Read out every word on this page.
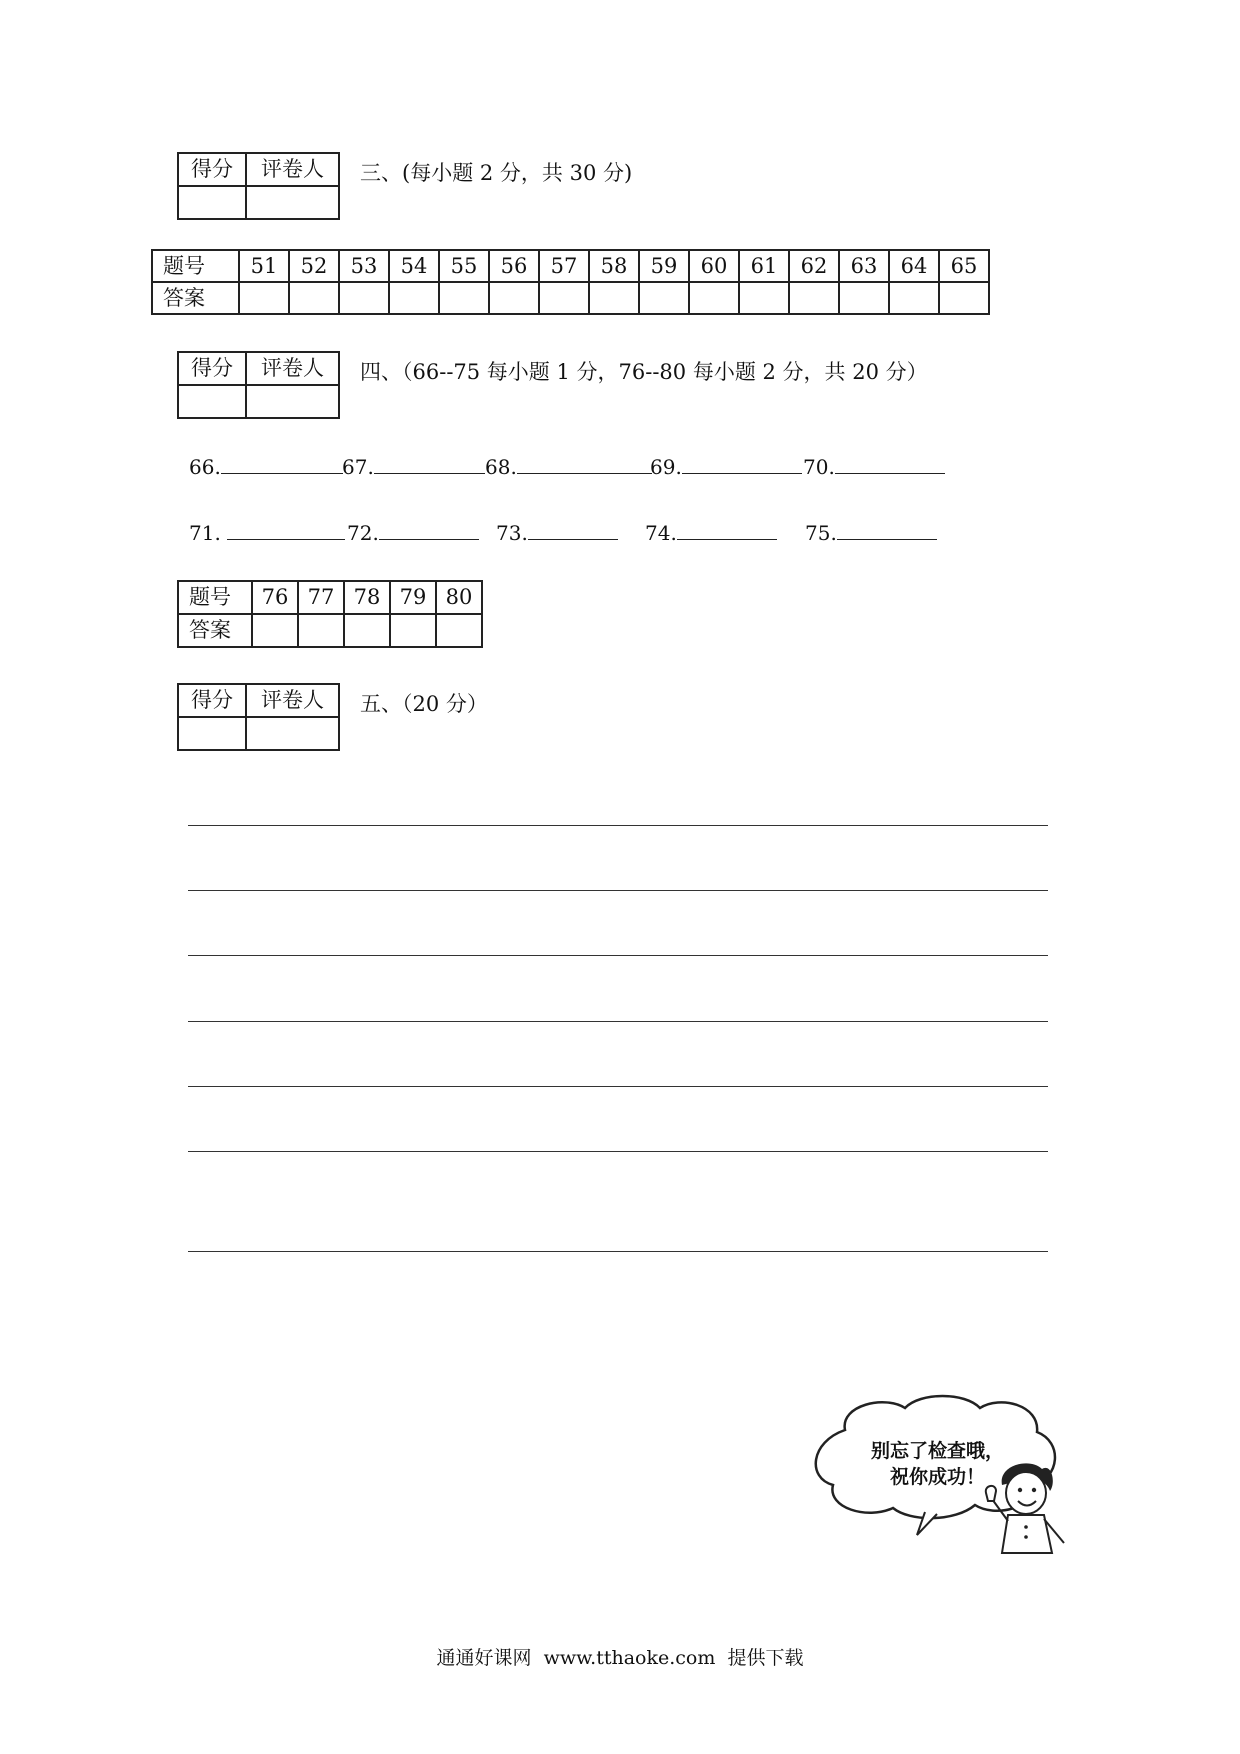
得分	评卷人
	三、(每小题 2 分，共 30 分)
题号	51	52	53	54	55	56	57	58	59	60	61	62	63	64	65
答案															
得分	评卷人
	四、（66--75 每小题 1 分，76--80 每小题 2 分，共 20 分）
66.	67.	68.	69.	70.
71.	72.	73.	74.	75.
题号	76	77	78	79	80
答案					
得分	评卷人
	五、（20 分）
别忘了检查哦，
祝你成功！
通通好课网  www.tthaoke.com  提供下载
